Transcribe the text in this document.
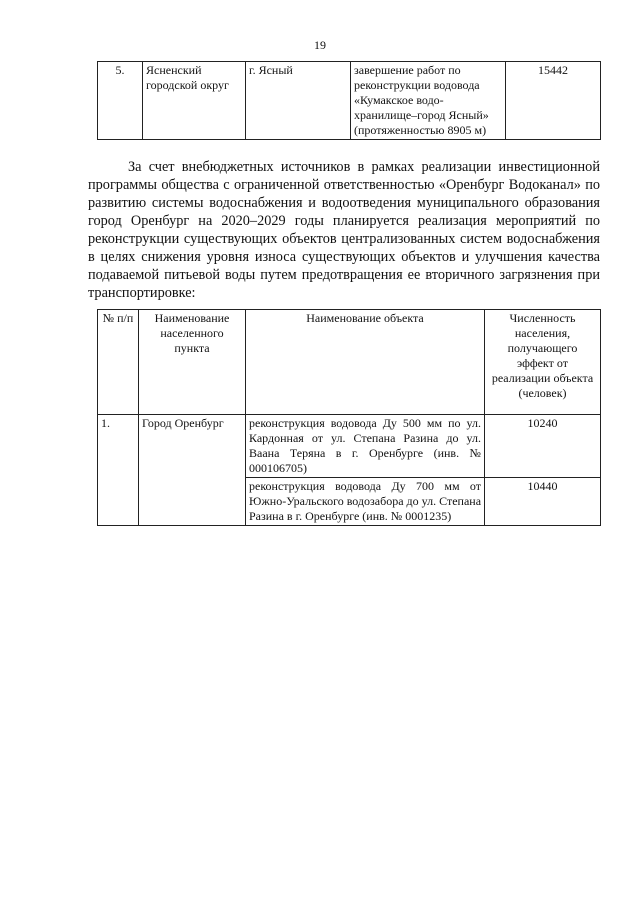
19
5.	Ясненский городской округ	г. Ясный	завершение работ по реконструкции водовода «Кумакское водо-хранилище–город Ясный» (протяженностью 8905 м)	15442
За счет внебюджетных источников в рамках реализации инвестиционной программы общества с ограниченной ответственностью «Оренбург Водоканал» по развитию системы водоснабжения и водоотведения муниципального образования город Оренбург на 2020–2029 годы планируется реализация мероприятий по реконструкции существующих объектов централизованных систем водоснабжения в целях снижения уровня износа существующих объектов и улучшения качества подаваемой питьевой воды путем предотвращения ее вторичного загрязнения при транспортировке:
№ п/п	Наименование населенного пункта	Наименование объекта	Численность населения, получающего эффект от реализации объекта (человек)
1.	Город Оренбург	реконструкция водовода Ду 500 мм по ул. Кардонная от ул. Степана Разина до ул. Ваана Теряна в г. Оренбурге (инв. № 000106705)	10240
		реконструкция водовода Ду 700 мм от Южно-Уральского водозабора до ул. Степана Разина в г. Оренбурге (инв. № 0001235)	10440
